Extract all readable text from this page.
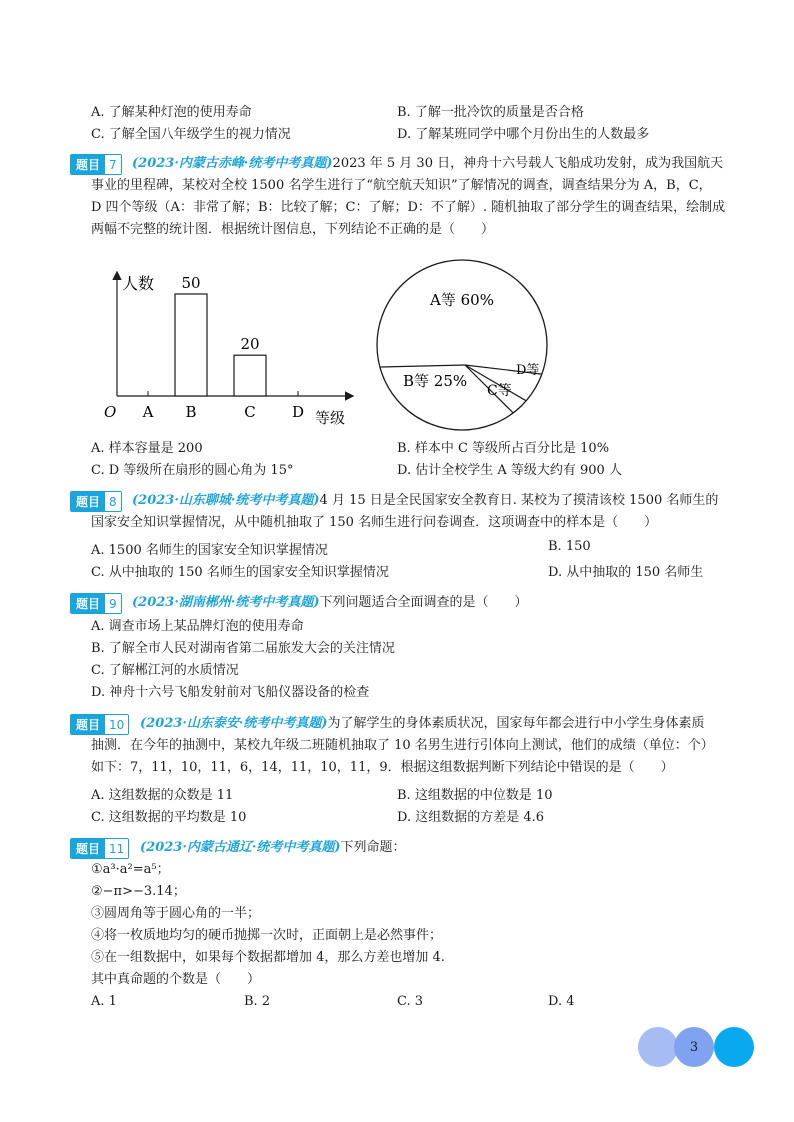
A. 了解某种灯泡的使用寿命	B. 了解一批冷饮的质量是否合格
C. 了解全国八年级学生的视力情况	D. 了解某班同学中哪个月份出生的人数最多
题目 7	(2023·内蒙古赤峰·统考中考真题)2023 年 5 月 30 日，神舟十六号载人飞船成功发射，成为我国航天
事业的里程碑，某校对全校 1500 名学生进行了“航空航天知识”了解情况的调查，调查结果分为 A，B，C，
D 四个等级（A：非常了解；B：比较了解；C：了解；D：不了解）. 随机抽取了部分学生的调查结果，绘制成
两幅不完整的统计图．根据统计图信息，下列结论不正确的是（　　）
人数
等级
O A B
50
C
20
D
A等 60%
B等 25%
C等
D等
A. 样本容量是 200	B. 样本中 C 等级所占百分比是 10%
C. D 等级所在扇形的圆心角为 15°	D. 估计全校学生 A 等级大约有 900 人
题目 8	(2023·山东聊城·统考中考真题)4 月 15 日是全民国家安全教育日. 某校为了摸清该校 1500 名师生的
国家安全知识掌握情况，从中随机抽取了 150 名师生进行问卷调查．这项调查中的样本是（　　）
A. 1500 名师生的国家安全知识掌握情况	B. 150
C. 从中抽取的 150 名师生的国家安全知识掌握情况	D. 从中抽取的 150 名师生
题目 9	(2023·湖南郴州·统考中考真题)下列问题适合全面调查的是（　　）
A. 调查市场上某品牌灯泡的使用寿命
B. 了解全市人民对湖南省第二届旅发大会的关注情况
C. 了解郴江河的水质情况
D. 神舟十六号飞船发射前对飞船仪器设备的检查
题目 10	(2023·山东泰安·统考中考真题)为了解学生的身体素质状况，国家每年都会进行中小学生身体素质
抽测．在今年的抽测中，某校九年级二班随机抽取了 10 名男生进行引体向上测试，他们的成绩（单位：个）
如下：7，11，10，11，6，14，11，10，11，9．根据这组数据判断下列结论中错误的是（　　）
A. 这组数据的众数是 11	B. 这组数据的中位数是 10
C. 这组数据的平均数是 10	D. 这组数据的方差是 4.6
题目 11	(2023·内蒙古通辽·统考中考真题)下列命题：
①a³·a²=a⁵；
②−π>−3.14；
③圆周角等于圆心角的一半；
④将一枚质地均匀的硬币抛掷一次时，正面朝上是必然事件；
⑤在一组数据中，如果每个数据都增加 4，那么方差也增加 4.
其中真命题的个数是（　　）
A. 1	B. 2	C. 3	D. 4
3
